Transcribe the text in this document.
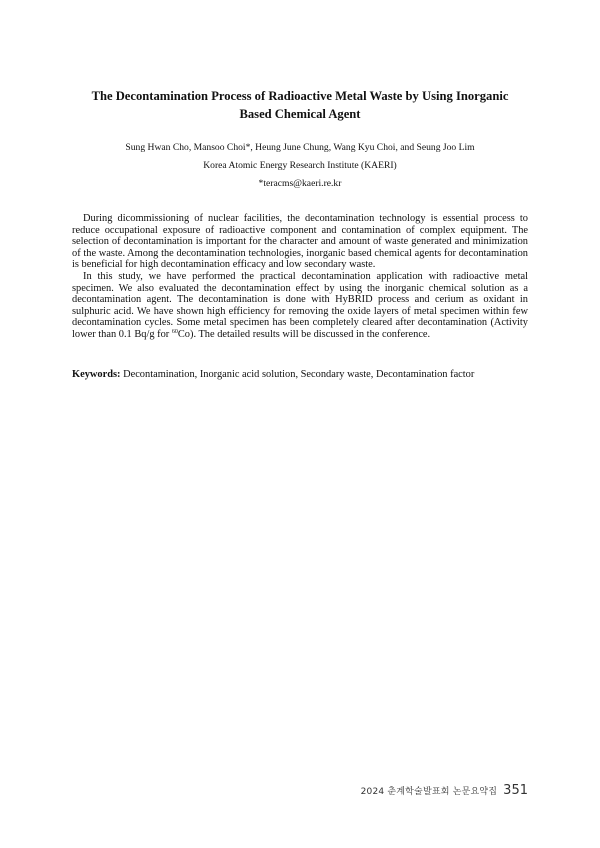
The Decontamination Process of Radioactive Metal Waste by Using Inorganic
Based Chemical Agent
Sung Hwan Cho, Mansoo Choi*, Heung June Chung, Wang Kyu Choi, and Seung Joo Lim
Korea Atomic Energy Research Institute (KAERI)
*teracms@kaeri.re.kr

During dicommissioning of nuclear facilities, the decontamination technology is essential process to reduce occupational exposure of radioactive component and contamination of complex equipment. The selection of decontamination is important for the character and amount of waste generated and minimization of the waste. Among the decontamination technologies, inorganic based chemical agents for decontamination is beneficial for high decontamination efficacy and low secondary waste.

In this study, we have performed the practical decontamination application with radioactive metal specimen. We also evaluated the decontamination effect by using the inorganic chemical solution as a decontamination agent. The decontamination is done with HyBRID process and cerium as oxidant in sulphuric acid. We have shown high efficiency for removing the oxide layers of metal specimen within few decontamination cycles. Some metal specimen has been completely cleared after decontamination (Activity lower than 0.1 Bq/g for $^{60}$Co). The detailed results will be discussed in the conference.

Keywords: Decontamination, Inorganic acid solution, Secondary waste, Decontamination factor
2024 춘계학술발표회 논문요약집 351
